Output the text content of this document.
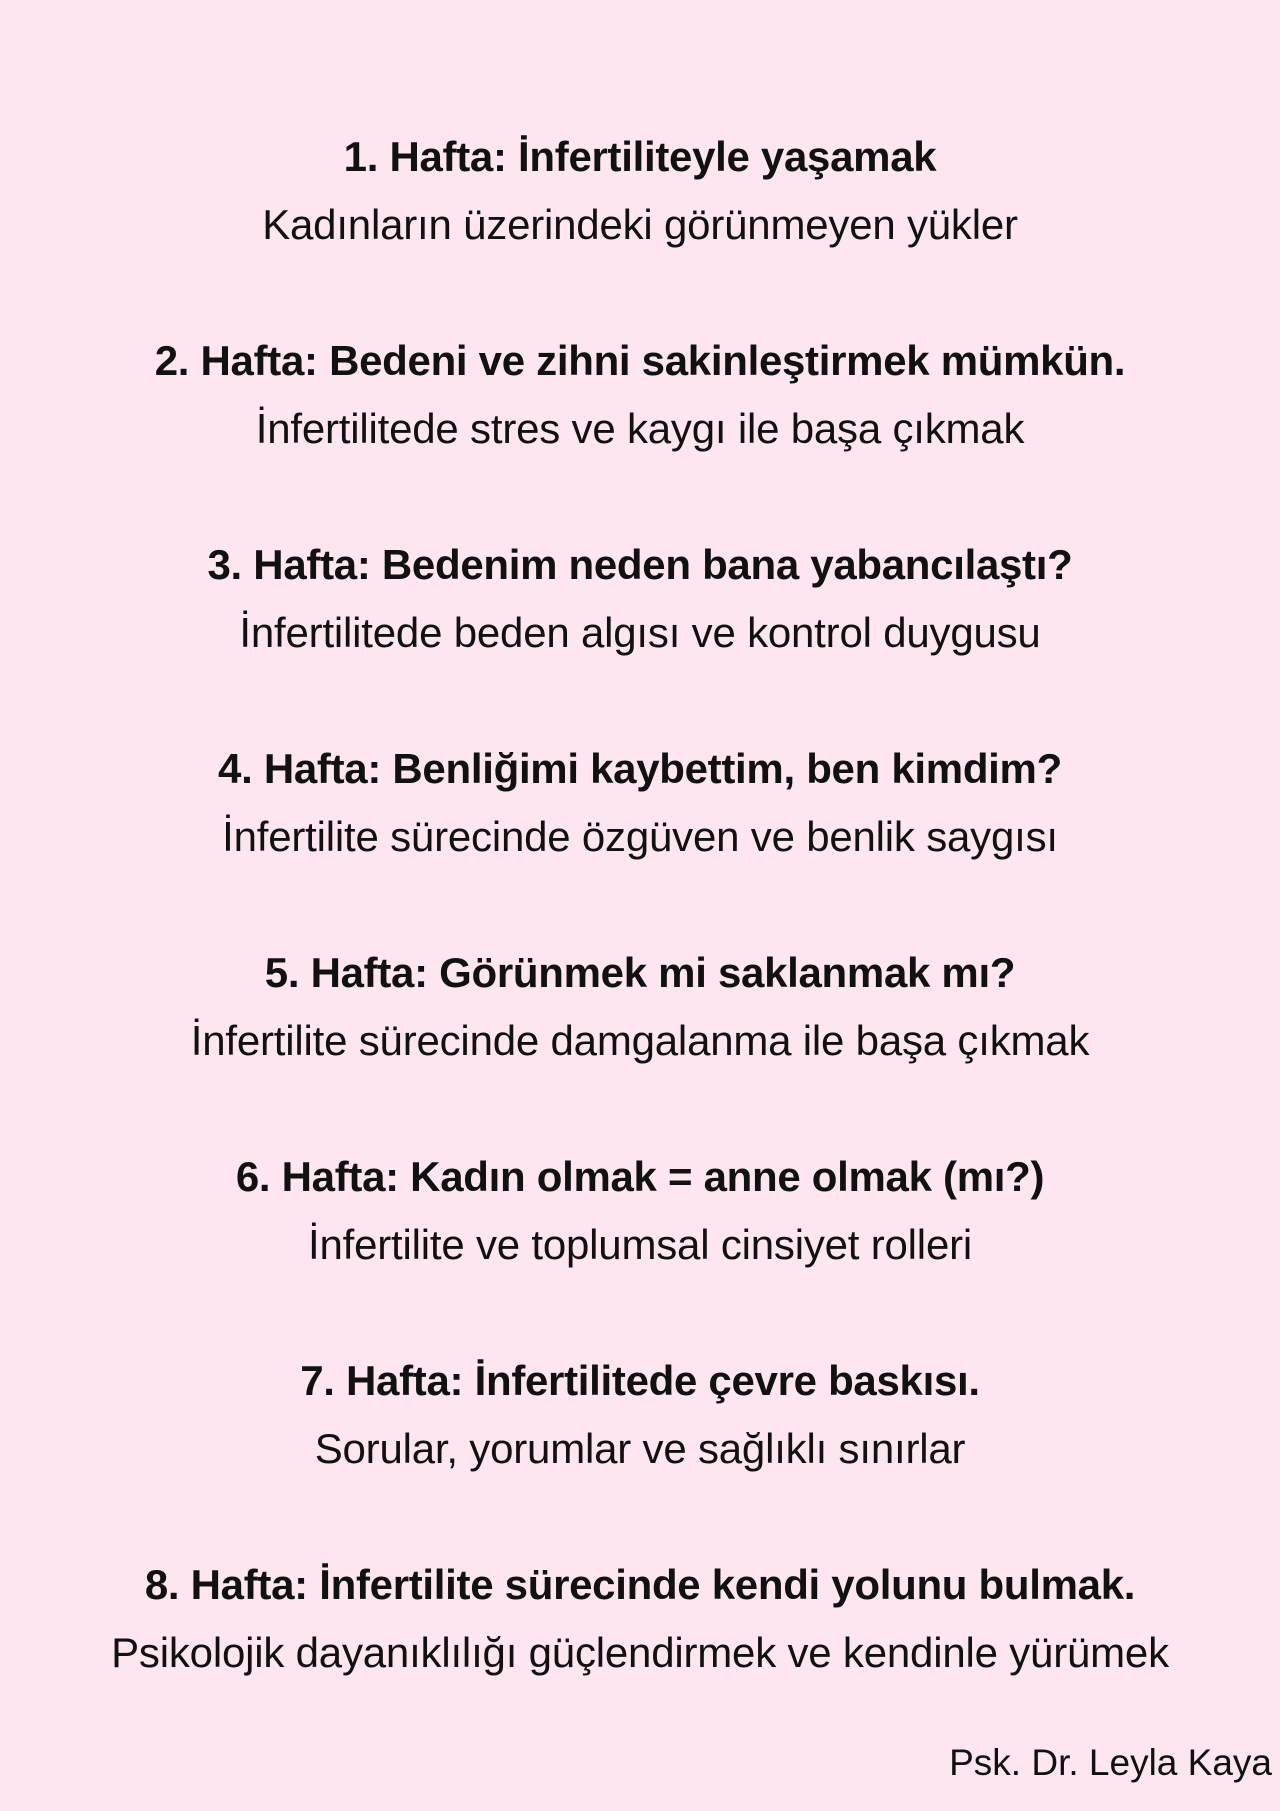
1. Hafta: İnfertiliteyle yaşamak
Kadınların üzerindeki görünmeyen yükler
2. Hafta: Bedeni ve zihni sakinleştirmek mümkün.
İnfertilitede stres ve kaygı ile başa çıkmak
3. Hafta: Bedenim neden bana yabancılaştı?
İnfertilitede beden algısı ve kontrol duygusu
4. Hafta: Benliğimi kaybettim, ben kimdim?
İnfertilite sürecinde özgüven ve benlik saygısı
5. Hafta: Görünmek mi saklanmak mı?
İnfertilite sürecinde damgalanma ile başa çıkmak
6. Hafta: Kadın olmak = anne olmak (mı?)
İnfertilite ve toplumsal cinsiyet rolleri
7. Hafta: İnfertilitede çevre baskısı.
Sorular, yorumlar ve sağlıklı sınırlar
8. Hafta: İnfertilite sürecinde kendi yolunu bulmak.
Psikolojik dayanıklılığı güçlendirmek ve kendinle yürümek
Psk. Dr. Leyla Kaya
